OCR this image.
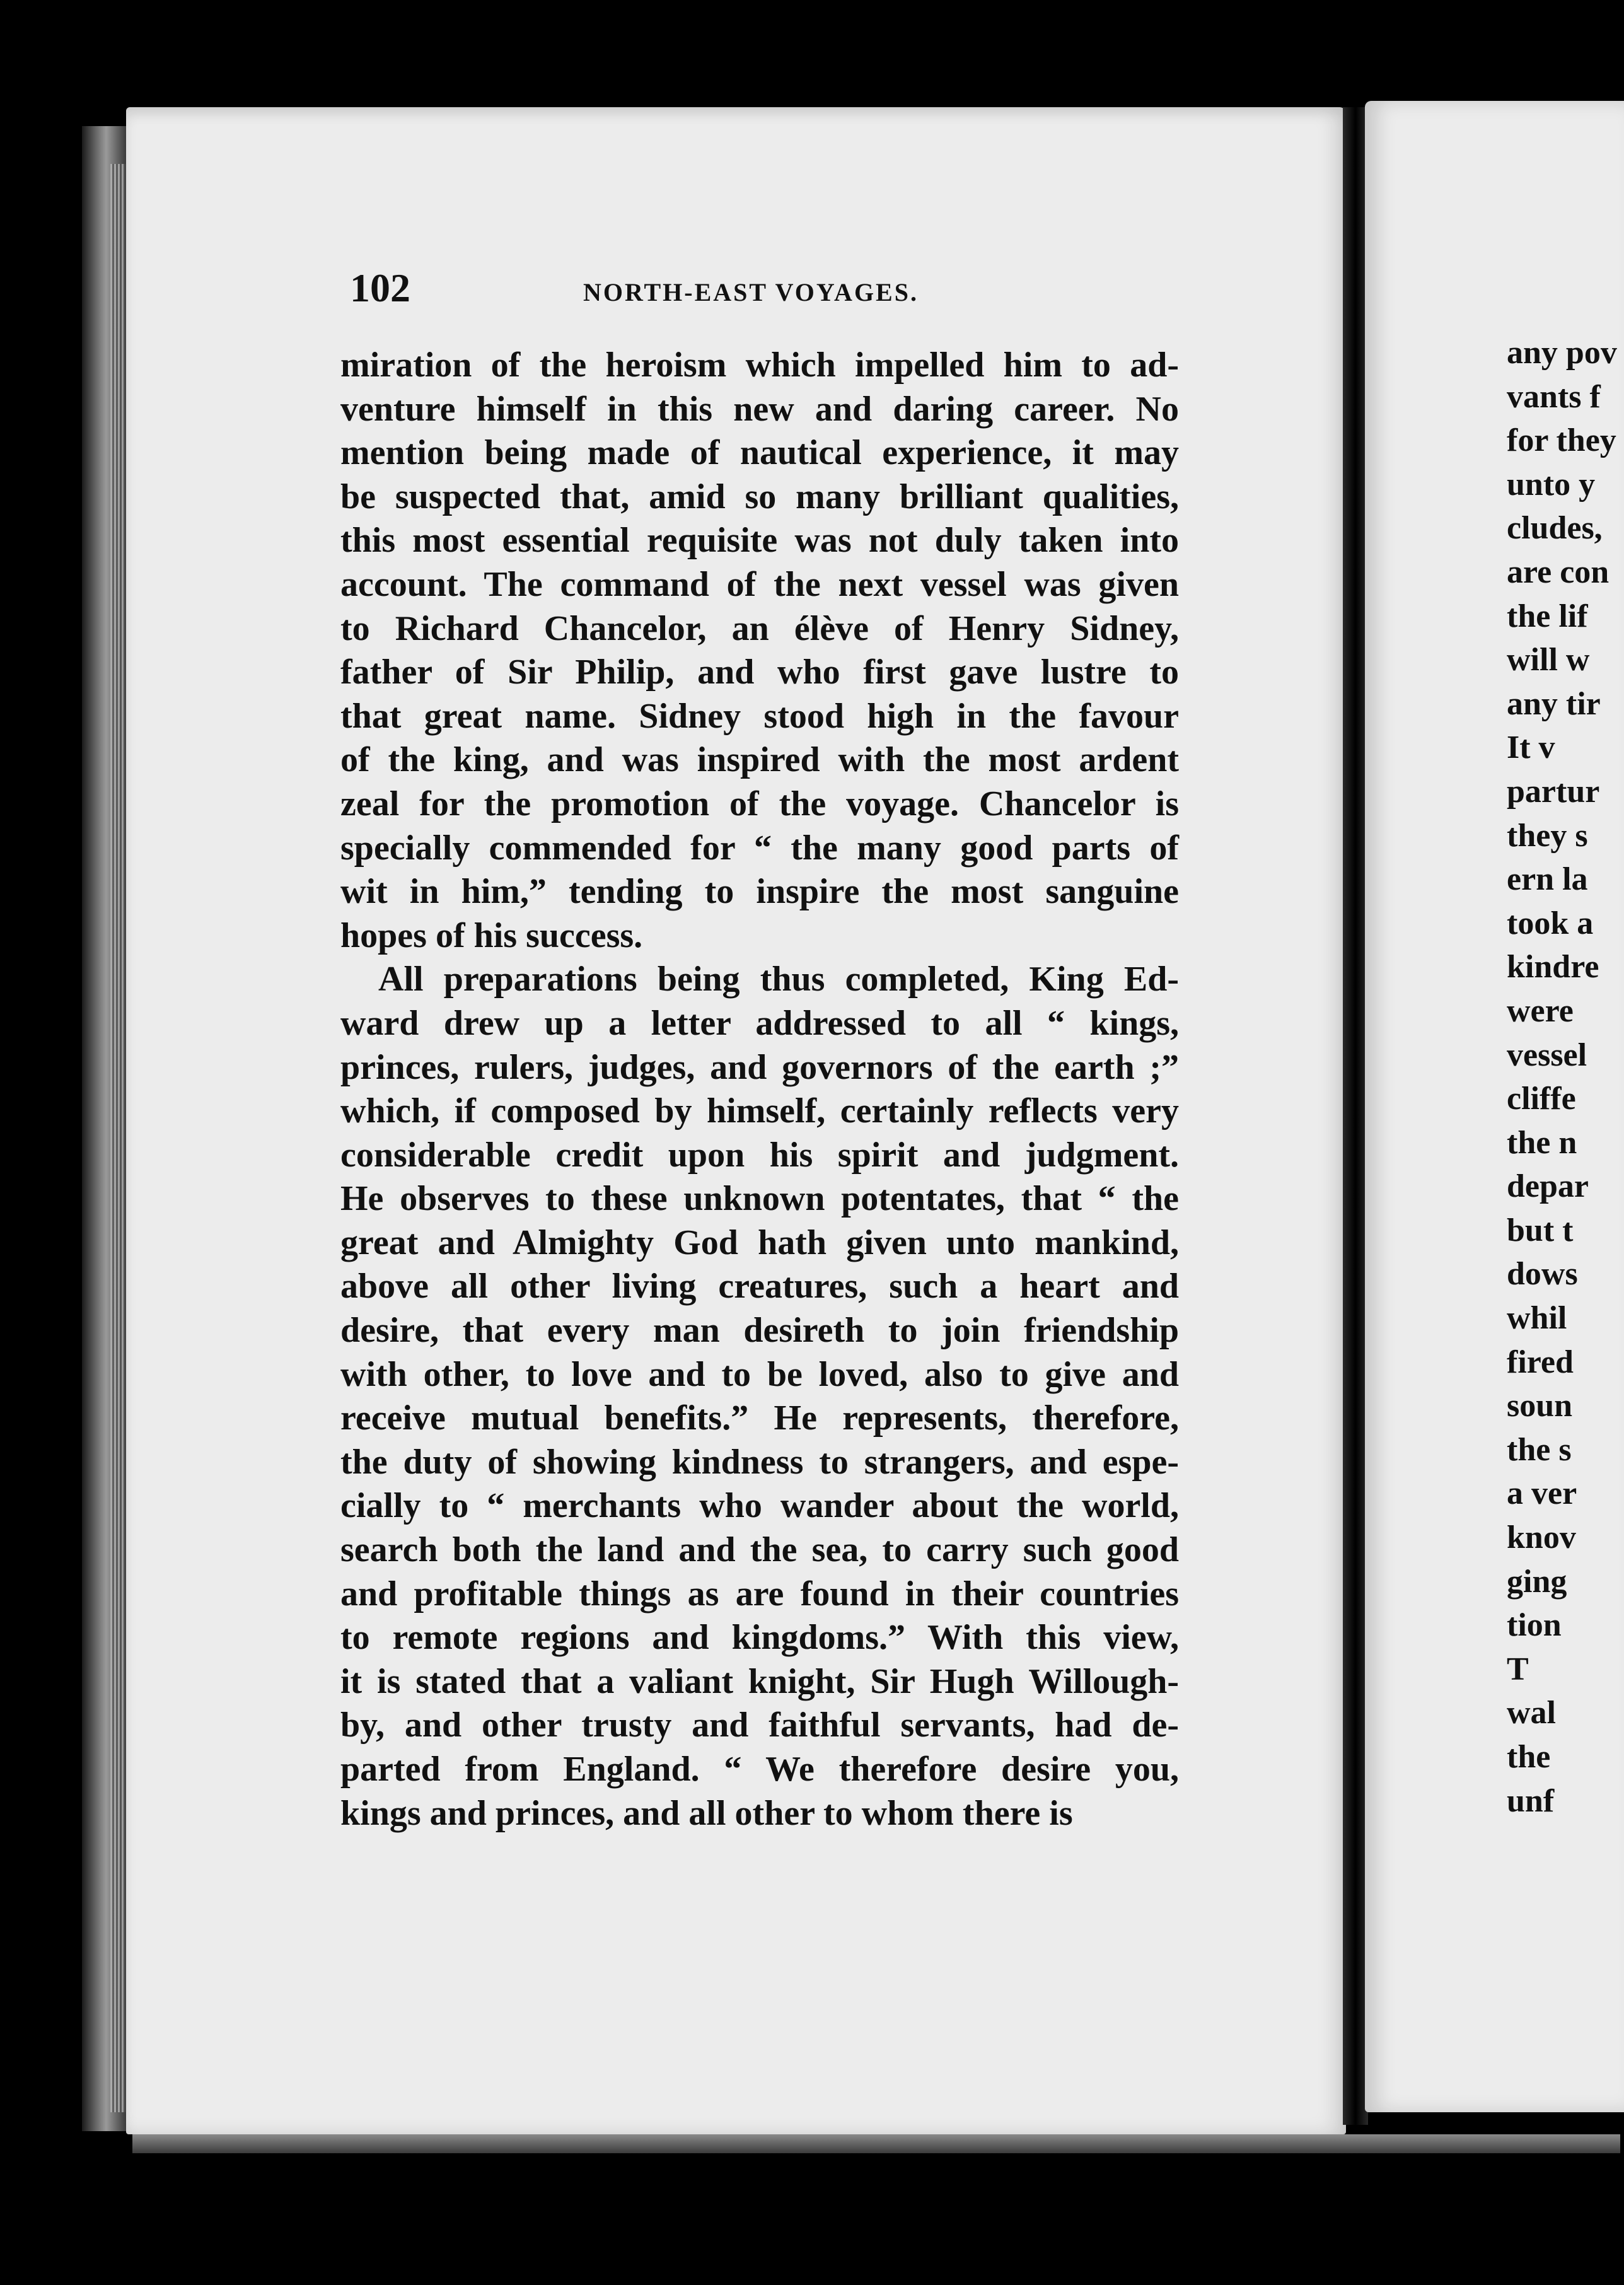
102	NORTH-EAST VOYAGES.
miration of the heroism which impelled him to ad-
venture himself in this new and daring career. No
mention being made of nautical experience, it may
be suspected that, amid so many brilliant qualities,
this most essential requisite was not duly taken into
account. The command of the next vessel was given
to Richard Chancelor, an élève of Henry Sidney,
father of Sir Philip, and who first gave lustre to
that great name. Sidney stood high in the favour
of the king, and was inspired with the most ardent
zeal for the promotion of the voyage. Chancelor is
specially commended for “ the many good parts of
wit in him,” tending to inspire the most sanguine
hopes of his success.
All preparations being thus completed, King Ed-
ward drew up a letter addressed to all “ kings,
princes, rulers, judges, and governors of the earth ;”
which, if composed by himself, certainly reflects very
considerable credit upon his spirit and judgment.
He observes to these unknown potentates, that “ the
great and Almighty God hath given unto mankind,
above all other living creatures, such a heart and
desire, that every man desireth to join friendship
with other, to love and to be loved, also to give and
receive mutual benefits.” He represents, therefore,
the duty of showing kindness to strangers, and espe-
cially to “ merchants who wander about the world,
search both the land and the sea, to carry such good
and profitable things as are found in their countries
to remote regions and kingdoms.” With this view,
it is stated that a valiant knight, Sir Hugh Willough-
by, and other trusty and faithful servants, had de-
parted from England. “ We therefore desire you,
kings and princes, and all other to whom there is
any pov
vants f
for they
unto y
cludes,
are con
the lif
will w
any tir
It v
partur
they s
ern la
took a
kindre
were
vessel
cliffe
the n
depar
but t
dows
whil
fired
soun
the s
a ver
knov
ging
tion
T
wal
the
unf
